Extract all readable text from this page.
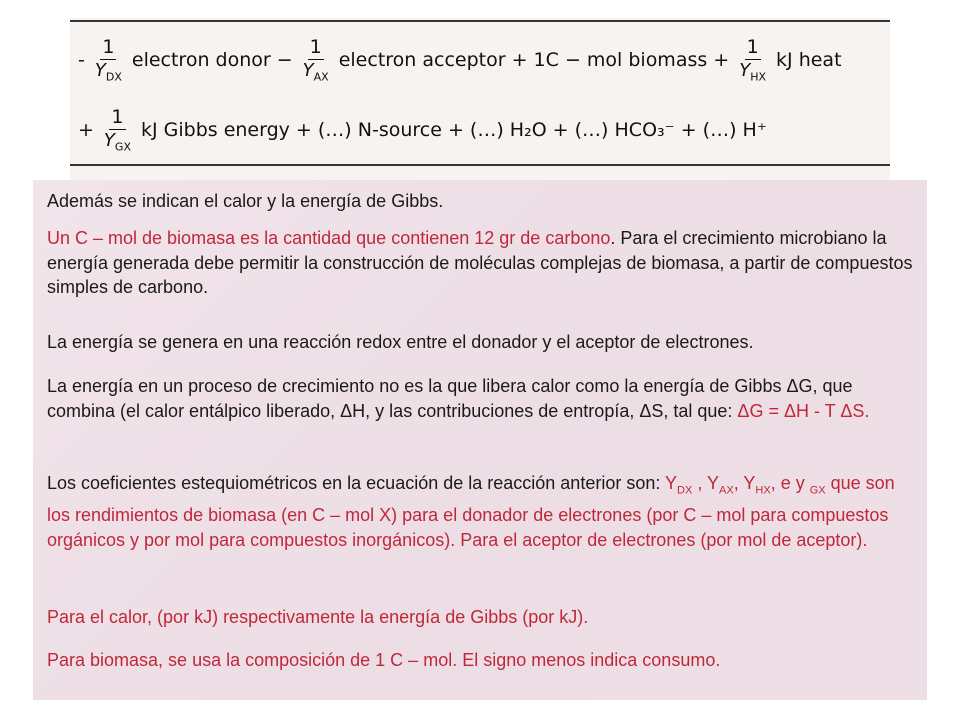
- $\frac{1}{Y_{DX}}$ electron donor − $\frac{1}{Y_{AX}}$ electron acceptor + 1C − mol biomass + $\frac{1}{Y_{HX}}$ kJ heat
+ $\frac{1}{Y_{GX}}$ kJ Gibbs energy + (…) N-source + (…) H₂O + (…) HCO₃⁻ + (…) H⁺

Además se indican el calor y la energía de Gibbs.

Un C – mol de biomasa es la cantidad que contienen 12 gr de carbono. Para el crecimiento microbiano la energía generada debe permitir la construcción de moléculas complejas de biomasa, a partir de compuestos simples de carbono.

La energía se genera en una reacción redox entre el donador y el aceptor de electrones.

La energía en un proceso de crecimiento no es la que libera calor como la energía de Gibbs ΔG, que combina (el calor entálpico liberado, ΔH, y las contribuciones de entropía, ΔS, tal que: ΔG = ΔH - T ΔS.

Los coeficientes estequiométricos en la ecuación de la reacción anterior son: $Y_{DX}$ , $Y_{AX}$, $Y_{HX}$, e y $_{GX}$ que son los rendimientos de biomasa (en C – mol X) para el donador de electrones (por C – mol para compuestos orgánicos y por mol para compuestos inorgánicos). Para el aceptor de electrones (por mol de aceptor).

Para el calor, (por kJ) respectivamente la energía de Gibbs (por kJ).

Para biomasa, se usa la composición de 1 C – mol. El signo menos indica consumo.
